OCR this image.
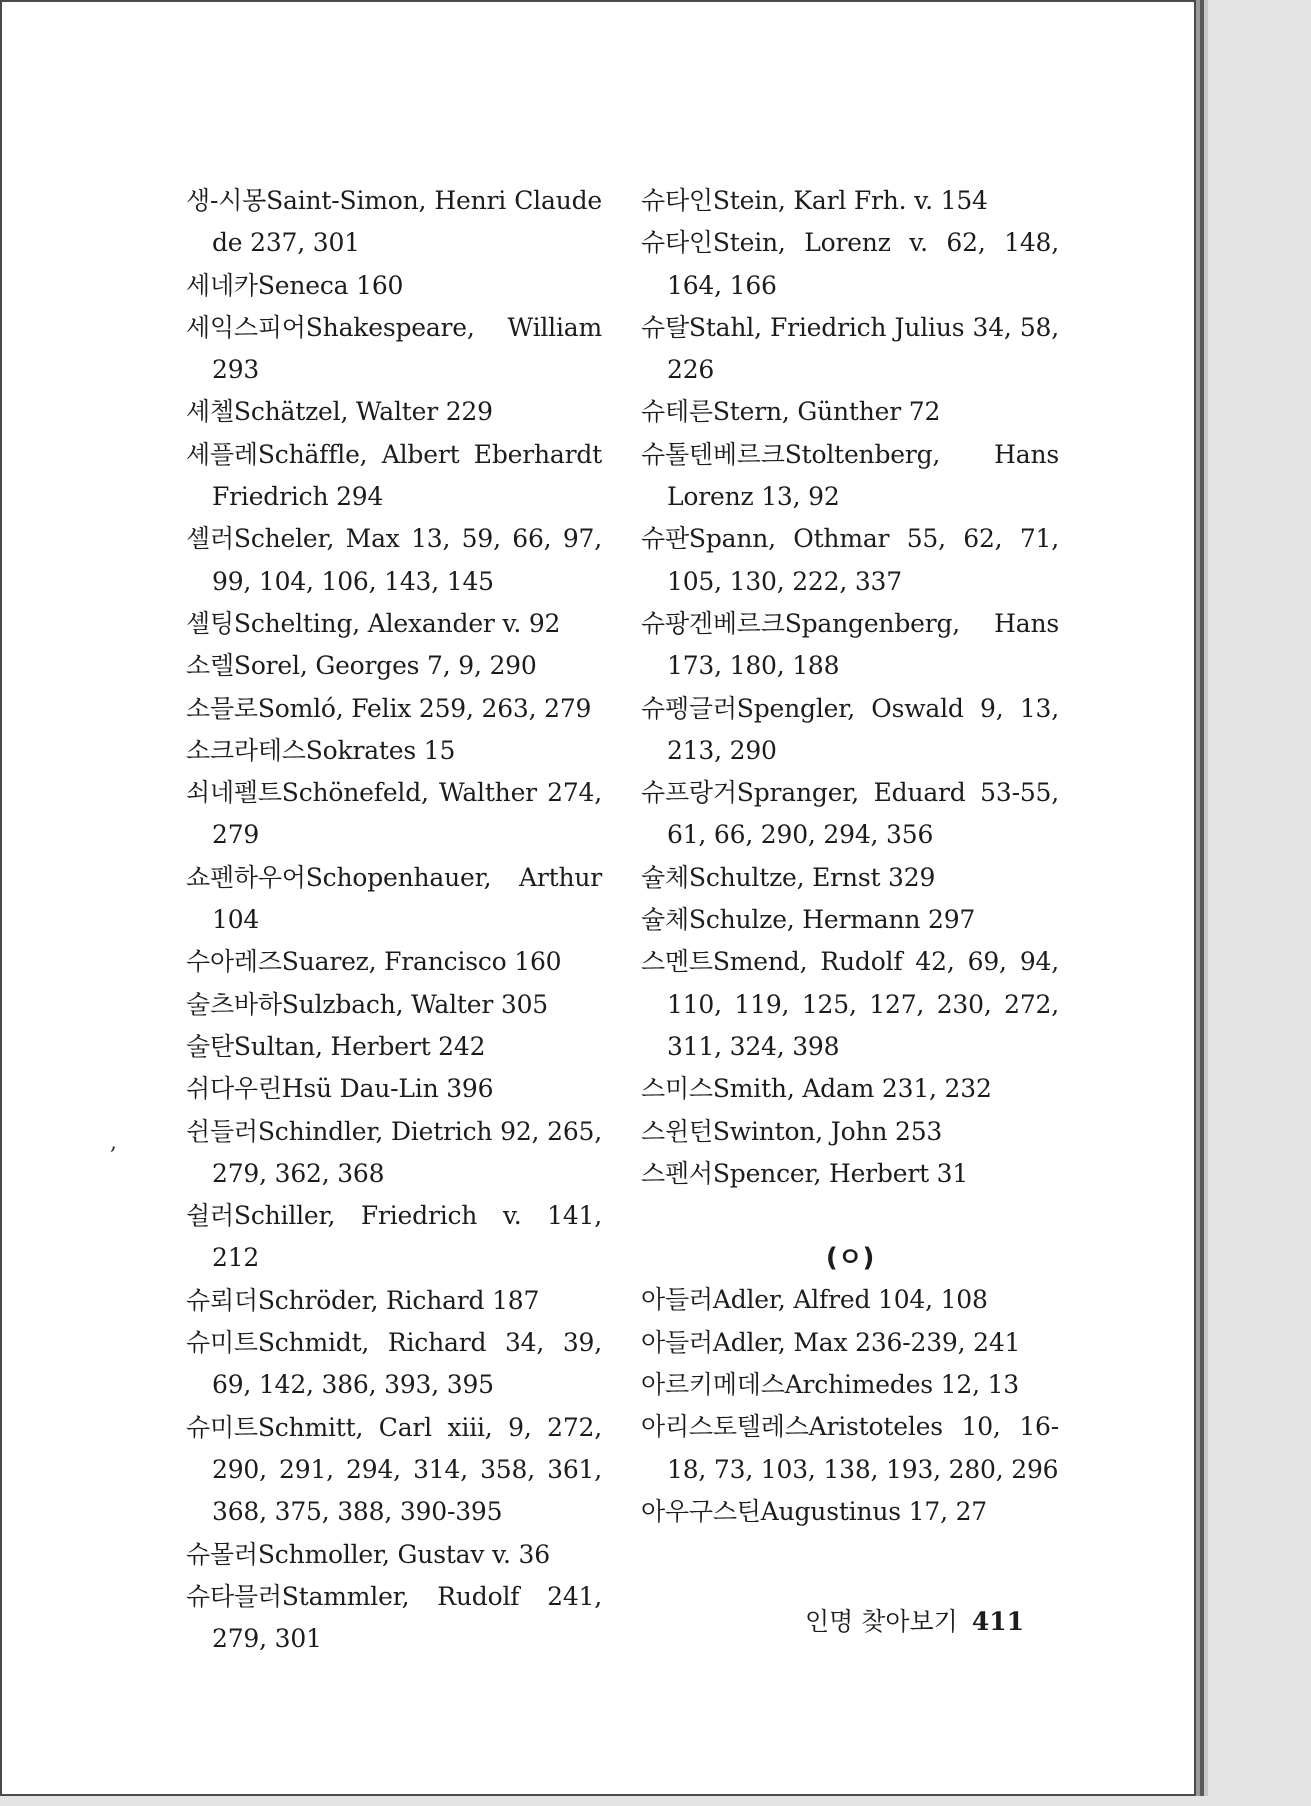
생-시몽Saint-Simon, Henri Claude de 237, 301
세네카Seneca 160
세익스피어Shakespeare, William 293
셰첼Schätzel, Walter 229
셰플레Schäffle, Albert Eberhardt Friedrich 294
셸러Scheler, Max 13, 59, 66, 97, 99, 104, 106, 143, 145
셸팅Schelting, Alexander v. 92
소렐Sorel, Georges 7, 9, 290
소믈로Somló, Felix 259, 263, 279
소크라테스Sokrates 15
쇠네펠트Schönefeld, Walther 274, 279
쇼펜하우어Schopenhauer, Arthur 104
수아레즈Suarez, Francisco 160
술츠바하Sulzbach, Walter 305
술탄Sultan, Herbert 242
쉬다우린Hsü Dau-Lin 396
쉰들러Schindler, Dietrich 92, 265, 279, 362, 368
쉴러Schiller, Friedrich v. 141, 212
슈뢰더Schröder, Richard 187
슈미트Schmidt, Richard 34, 39, 69, 142, 386, 393, 395
슈미트Schmitt, Carl xiii, 9, 272, 290, 291, 294, 314, 358, 361, 368, 375, 388, 390-395
슈몰러Schmoller, Gustav v. 36
슈타믈러Stammler, Rudolf 241, 279, 301
슈타인Stein, Karl Frh. v. 154
슈타인Stein, Lorenz v. 62, 148, 164, 166
슈탈Stahl, Friedrich Julius 34, 58, 226
슈테른Stern, Günther 72
슈톨텐베르크Stoltenberg, Hans Lorenz 13, 92
슈판Spann, Othmar 55, 62, 71, 105, 130, 222, 337
슈팡겐베르크Spangenberg, Hans 173, 180, 188
슈펭글러Spengler, Oswald 9, 13, 213, 290
슈프랑거Spranger, Eduard 53-55, 61, 66, 290, 294, 356
슐체Schultze, Ernst 329
슐체Schulze, Hermann 297
스멘트Smend, Rudolf 42, 69, 94, 110, 119, 125, 127, 230, 272, 311, 324, 398
스미스Smith, Adam 231, 232
스윈턴Swinton, John 253
스펜서Spencer, Herbert 31
(ㅇ)
아들러Adler, Alfred 104, 108
아들러Adler, Max 236-239, 241
아르키메데스Archimedes 12, 13
아리스토텔레스Aristoteles 10, 16-18, 73, 103, 138, 193, 280, 296
아우구스틴Augustinus 17, 27
,
인명 찾아보기 411
